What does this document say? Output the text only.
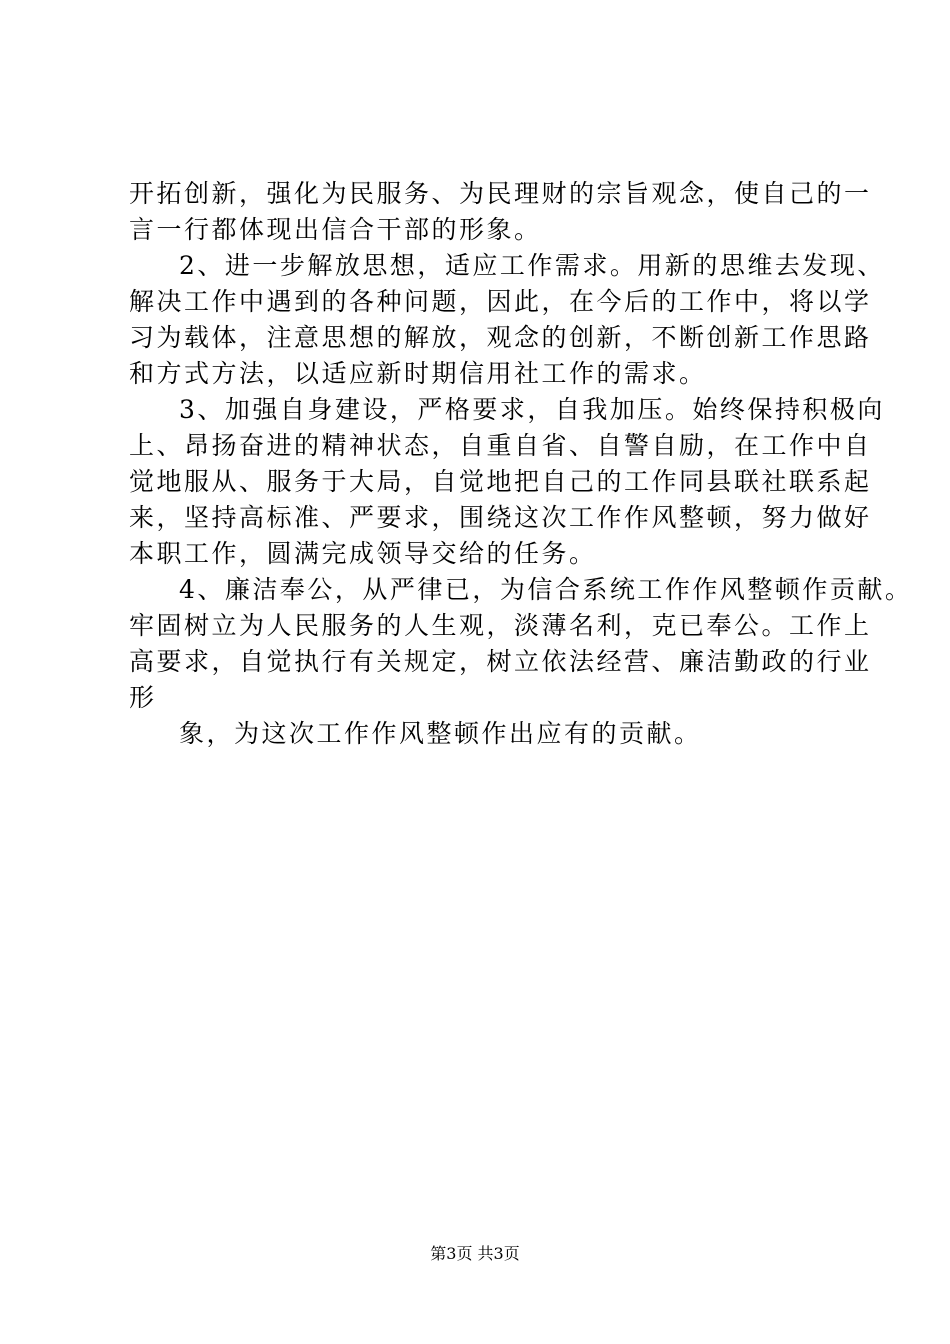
开拓创新，强化为民服务、为民理财的宗旨观念，使自己的一
言一行都体现出信合干部的形象。
2、进一步解放思想，适应工作需求。用新的思维去发现、
解决工作中遇到的各种问题，因此，在今后的工作中，将以学
习为载体，注意思想的解放，观念的创新，不断创新工作思路
和方式方法，以适应新时期信用社工作的需求。
3、加强自身建设，严格要求，自我加压。始终保持积极向
上、昂扬奋进的精神状态，自重自省、自警自励，在工作中自
觉地服从、服务于大局，自觉地把自己的工作同县联社联系起
来，坚持高标准、严要求，围绕这次工作作风整顿，努力做好
本职工作，圆满完成领导交给的任务。
4、廉洁奉公，从严律已，为信合系统工作作风整顿作贡献。
牢固树立为人民服务的人生观，淡薄名利，克已奉公。工作上
高要求，自觉执行有关规定，树立依法经营、廉洁勤政的行业
形
象，为这次工作作风整顿作出应有的贡献。
第3页 共3页
